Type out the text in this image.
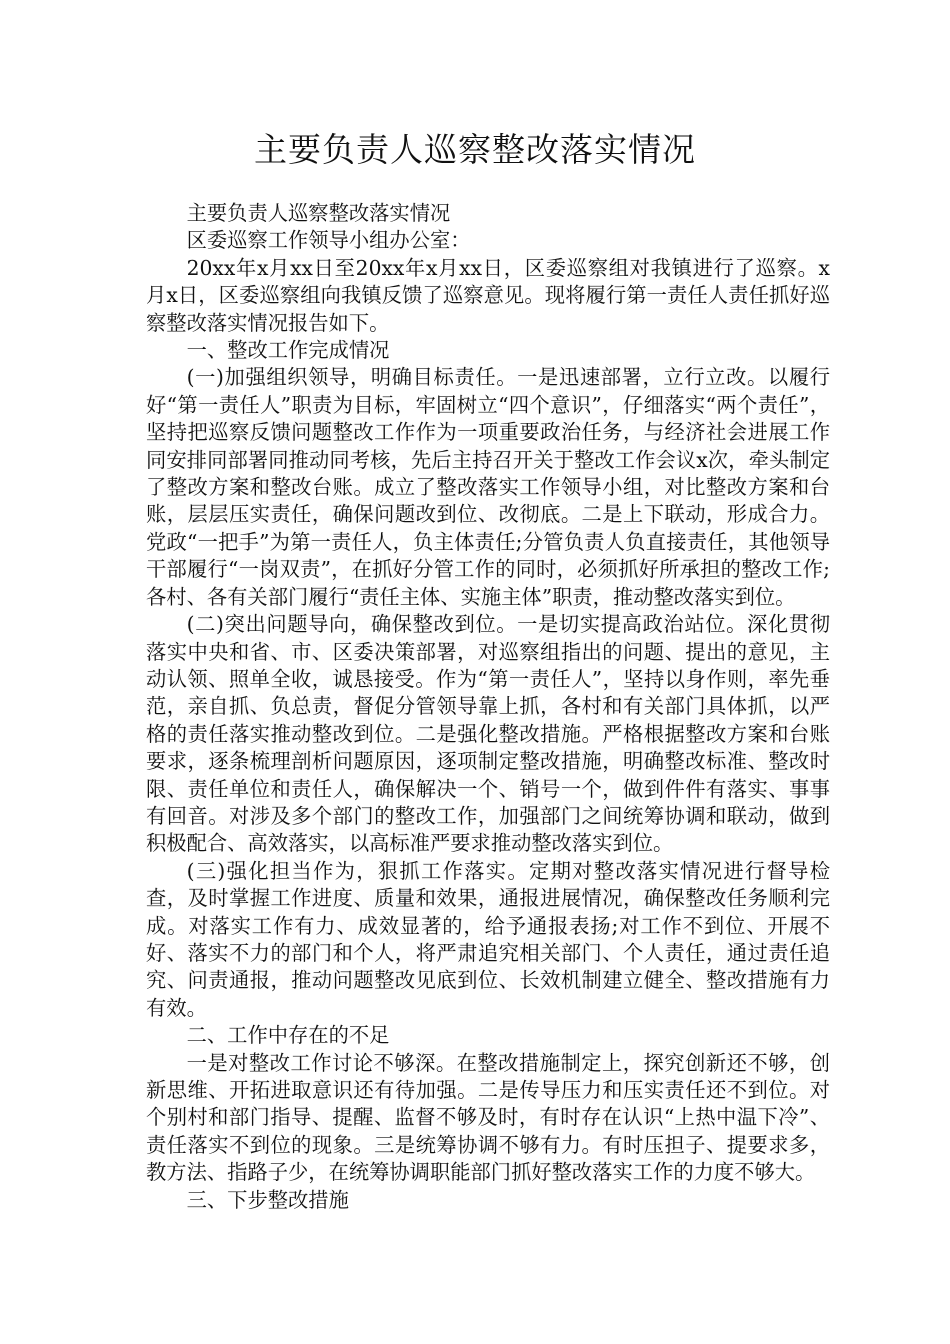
主要负责人巡察整改落实情况

主要负责人巡察整改落实情况

区委巡察工作领导小组办公室：

20xx年x月xx日至20xx年x月xx日，区委巡察组对我镇进行了巡察。x月x日，区委巡察组向我镇反馈了巡察意见。现将履行第一责任人责任抓好巡察整改落实情况报告如下。

一、整改工作完成情况

(一)加强组织领导，明确目标责任。一是迅速部署，立行立改。以履行好“第一责任人”职责为目标，牢固树立“四个意识”，仔细落实“两个责任”，坚持把巡察反馈问题整改工作作为一项重要政治任务，与经济社会进展工作同安排同部署同推动同考核，先后主持召开关于整改工作会议x次，牵头制定了整改方案和整改台账。成立了整改落实工作领导小组，对比整改方案和台账，层层压实责任，确保问题改到位、改彻底。二是上下联动，形成合力。党政“一把手”为第一责任人，负主体责任;分管负责人负直接责任，其他领导干部履行“一岗双责”，在抓好分管工作的同时，必须抓好所承担的整改工作;各村、各有关部门履行“责任主体、实施主体”职责，推动整改落实到位。

(二)突出问题导向，确保整改到位。一是切实提高政治站位。深化贯彻落实中央和省、市、区委决策部署，对巡察组指出的问题、提出的意见，主动认领、照单全收，诚恳接受。作为“第一责任人”，坚持以身作则，率先垂范，亲自抓、负总责，督促分管领导靠上抓，各村和有关部门具体抓，以严格的责任落实推动整改到位。二是强化整改措施。严格根据整改方案和台账要求，逐条梳理剖析问题原因，逐项制定整改措施，明确整改标准、整改时限、责任单位和责任人，确保解决一个、销号一个，做到件件有落实、事事有回音。对涉及多个部门的整改工作，加强部门之间统筹协调和联动，做到积极配合、高效落实，以高标准严要求推动整改落实到位。

(三)强化担当作为，狠抓工作落实。定期对整改落实情况进行督导检查，及时掌握工作进度、质量和效果，通报进展情况，确保整改任务顺利完成。对落实工作有力、成效显著的，给予通报表扬;对工作不到位、开展不好、落实不力的部门和个人，将严肃追究相关部门、个人责任，通过责任追究、问责通报，推动问题整改见底到位、长效机制建立健全、整改措施有力有效。

二、工作中存在的不足

一是对整改工作讨论不够深。在整改措施制定上，探究创新还不够，创新思维、开拓进取意识还有待加强。二是传导压力和压实责任还不到位。对个别村和部门指导、提醒、监督不够及时，有时存在认识“上热中温下冷”、责任落实不到位的现象。三是统筹协调不够有力。有时压担子、提要求多，教方法、指路子少，在统筹协调职能部门抓好整改落实工作的力度不够大。

三、下步整改措施
